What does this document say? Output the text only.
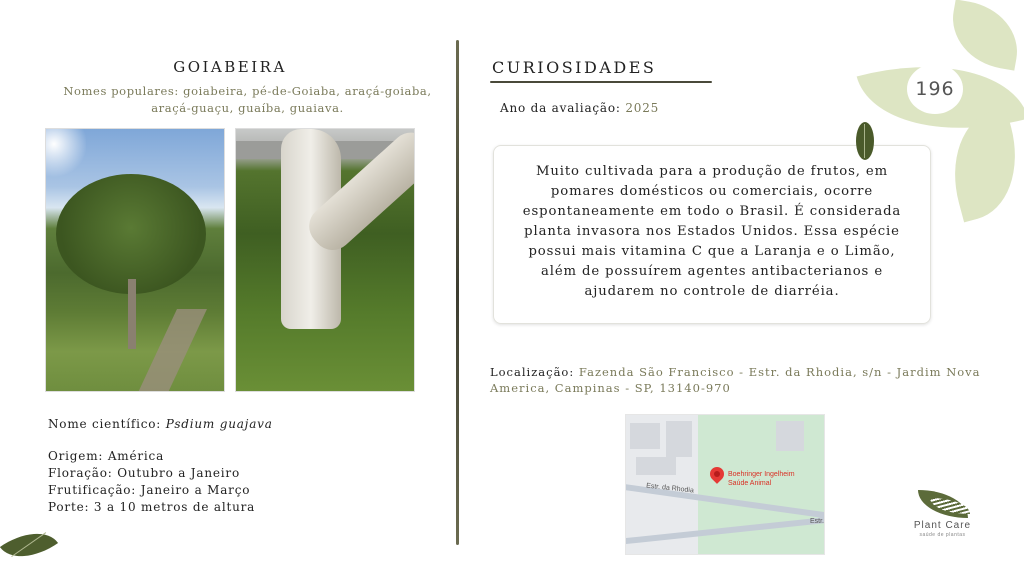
GOIABEIRA
Nomes populares: goiabeira, pé-de-Goiaba, araçá-goiaba, araçá-guaçu, guaíba, guaiava.
Nome científico: Psdium guajava
Origem: América
Floração: Outubro a Janeiro
Frutificação: Janeiro a Março
Porte: 3 a 10 metros de altura
CURIOSIDADES
Ano da avaliação: 2025

Muito cultivada para a produção de frutos, em pomares domésticos ou comerciais, ocorre espontaneamente em todo o Brasil. É considerada planta invasora nos Estados Unidos. Essa espécie possui mais vitamina C que a Laranja e o Limão, além de possuírem agentes antibacterianos e ajudarem no controle de diarréia.

Localização: Fazenda São Francisco - Estr. da Rhodia, s/n - Jardim Nova America, Campinas - SP, 13140-970
Estr. da Rhodia
Estr.
Boehringer Ingelheim
Saúde Animal
196
Plant Care
saúde de plantas
